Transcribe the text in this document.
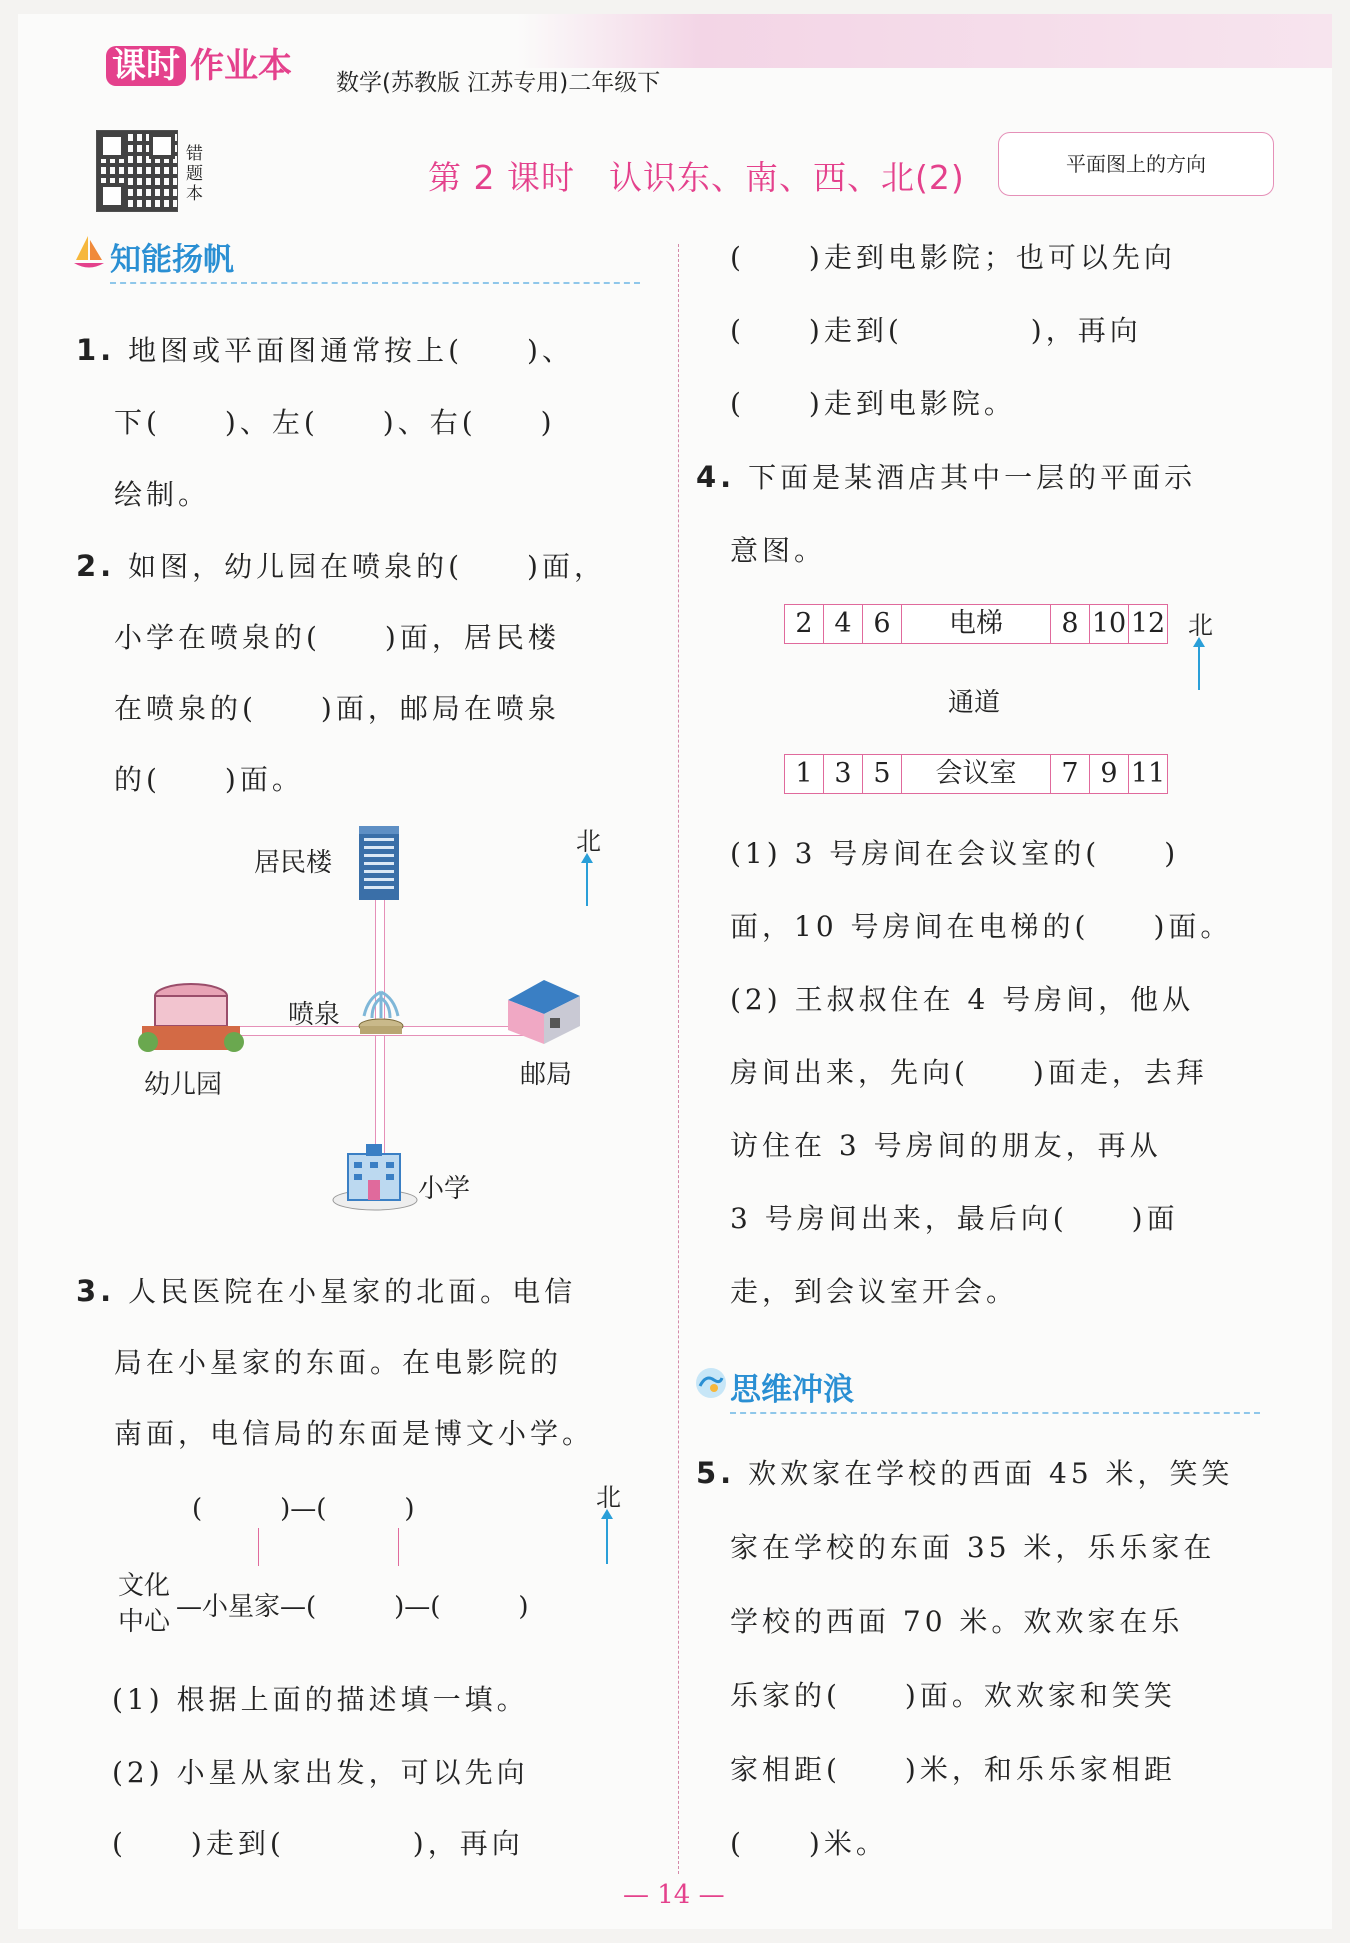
课时 作业本 数学(苏教版 江苏专用)二年级下
错题本	第 2 课时　认识东、南、西、北(2)	平面图上的方向
知能扬帆
1. 地图或平面图通常按上(　　)、
下(　　)、左(　　)、右(　　)
绘制。
2. 如图，幼儿园在喷泉的(　　)面，
小学在喷泉的(　　)面，居民楼
在喷泉的(　　)面，邮局在喷泉
的(　　)面。
居民楼
喷泉
幼儿园	邮局
小学
北
3. 人民医院在小星家的北面。电信
局在小星家的东面。在电影院的
南面，电信局的东面是博文小学。
(　　　)—(　　　)	北
文化
中心 —小星家—(　　　)—(　　　)
(1) 根据上面的描述填一填。
(2) 小星从家出发，可以先向
(　　)走到(　　　　)，再向
(　　)走到电影院；也可以先向
(　　)走到(　　　　)，再向
(　　)走到电影院。
4. 下面是某酒店其中一层的平面示
意图。
2 4 6	电梯	8 10 12 北
通道
1 3 5	会议室	7 9 11
(1) 3 号房间在会议室的(　　)
面，10 号房间在电梯的(　　)面。
(2) 王叔叔住在 4 号房间，他从
房间出来，先向(　　)面走，去拜
访住在 3 号房间的朋友，再从
3 号房间出来，最后向(　　)面
走，到会议室开会。
思维冲浪
5. 欢欢家在学校的西面 45 米，笑笑
家在学校的东面 35 米，乐乐家在
学校的西面 70 米。欢欢家在乐
乐家的(　　)面。欢欢家和笑笑
家相距(　　)米，和乐乐家相距
(　　)米。
— 14 —
